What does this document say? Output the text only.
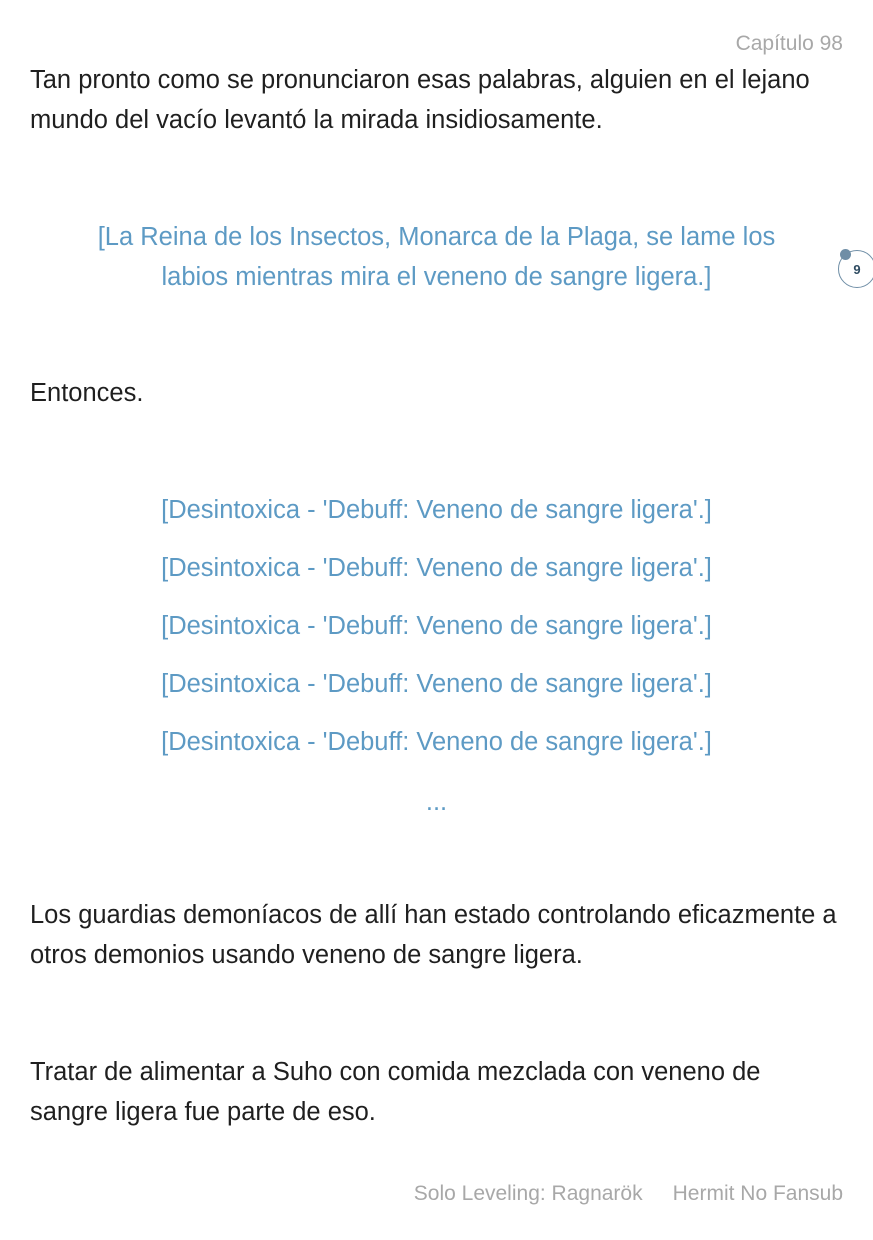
Capítulo 98
Tan pronto como se pronunciaron esas palabras, alguien en el lejano mundo del vacío levantó la mirada insidiosamente.
[La Reina de los Insectos, Monarca de la Plaga, se lame los
labios mientras mira el veneno de sangre ligera.]	9
Entonces.
[Desintoxica - 'Debuff: Veneno de sangre ligera'.]
[Desintoxica - 'Debuff: Veneno de sangre ligera'.]
[Desintoxica - 'Debuff: Veneno de sangre ligera'.]
[Desintoxica - 'Debuff: Veneno de sangre ligera'.]
[Desintoxica - 'Debuff: Veneno de sangre ligera'.]
...
Los guardias demoníacos de allí han estado controlando eficazmente a otros demonios usando veneno de sangre ligera.
Tratar de alimentar a Suho con comida mezclada con veneno de sangre ligera fue parte de eso.
Solo Leveling: Ragnarök Hermit No Fansub
